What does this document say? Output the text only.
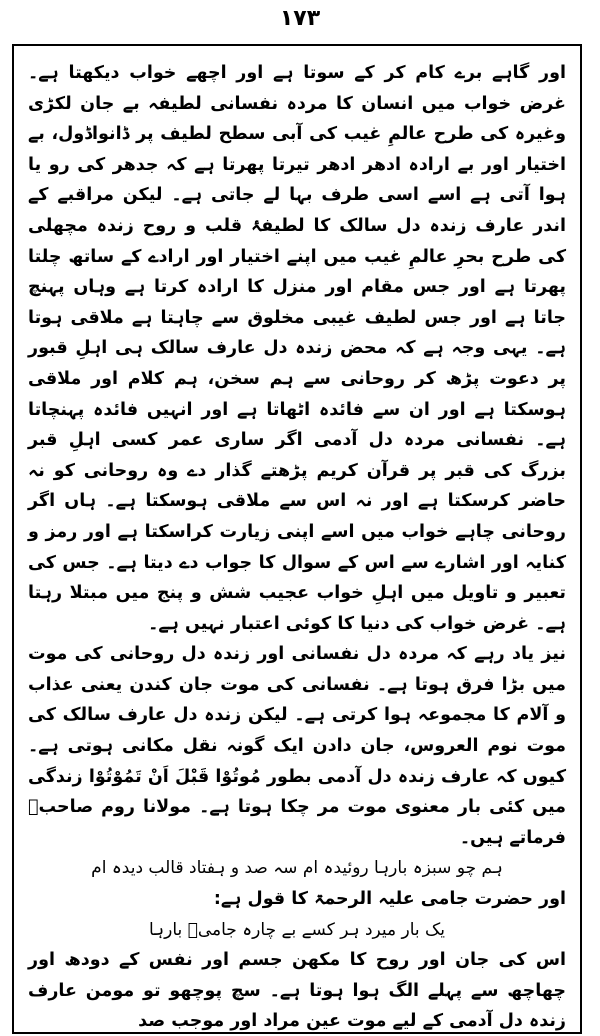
۱۷۳

اور گاہے برے کام کر کے سوتا ہے اور اچھے خواب دیکھتا ہے۔ غرض خواب میں انسان کا مردہ نفسانی لطیفہ بے جان لکڑی وغیرہ کی طرح عالمِ غیب کی آبی سطح لطیف پر ڈانواڈول، بے اختیار اور بے ارادہ ادھر ادھر تیرتا پھرتا ہے کہ جدھر کی رو یا ہوا آتی ہے اسے اسی طرف بہا لے جاتی ہے۔ لیکن مراقبے کے اندر عارف زندہ دل سالک کا لطیفۂ قلب و روح زندہ مچھلی کی طرح بحرِ عالمِ غیب میں اپنے اختیار اور ارادے کے ساتھ چلتا پھرتا ہے اور جس مقام اور منزل کا ارادہ کرتا ہے وہاں پہنچ جاتا ہے اور جس لطیف غیبی مخلوق سے چاہتا ہے ملاقی ہوتا ہے۔ یہی وجہ ہے کہ محض زندہ دل عارف سالک ہی اہلِ قبور پر دعوت پڑھ کر روحانی سے ہم سخن، ہم کلام اور ملاقی ہوسکتا ہے اور ان سے فائدہ اٹھاتا ہے اور انہیں فائدہ پہنچاتا ہے۔ نفسانی مردہ دل آدمی اگر ساری عمر کسی اہلِ قبر بزرگ کی قبر پر قرآن کریم پڑھتے گذار دے وہ روحانی کو نہ حاضر کرسکتا ہے اور نہ اس سے ملاقی ہوسکتا ہے۔ ہاں اگر روحانی چاہے خواب میں اسے اپنی زیارت کراسکتا ہے اور رمز و کنایہ اور اشارے سے اس کے سوال کا جواب دے دیتا ہے۔ جس کی تعبیر و تاویل میں اہلِ خواب عجیب شش و پنج میں مبتلا رہتا ہے۔ غرض خواب کی دنیا کا کوئی اعتبار نہیں ہے۔

نیز یاد رہے کہ مردہ دل نفسانی اور زندہ دل روحانی کی موت میں بڑا فرق ہوتا ہے۔ نفسانی کی موت جان کندن یعنی عذاب و آلام کا مجموعہ ہوا کرتی ہے۔ لیکن زندہ دل عارف سالک کی موت نوم العروس، جان دادن ایک گونہ نقل مکانی ہوتی ہے۔ کیوں کہ عارف زندہ دل آدمی بطور مُوتُوْا قَبْلَ اَنْ تَمُوْتُوْا زندگی میں کئی بار معنوی موت مر چکا ہوتا ہے۔ مولانا روم صاحبؒ فرماتے ہیں۔

ہم چو سبزہ بارہا روئیدہ ام سہ صد و ہفتاد قالب دیدہ ام

اور حضرت جامی علیہ الرحمۃ کا قول ہے:

یک بار میرد ہر کسے بے چارہ جامیؒ بارہا

اس کی جان اور روح کا مکھن جسم اور نفس کے دودھ اور چھاچھ سے پہلے الگ ہوا ہوتا ہے۔ سچ پوچھو تو مومن عارف زندہ دل آدمی کے لیے موت عین مراد اور موجب صد
